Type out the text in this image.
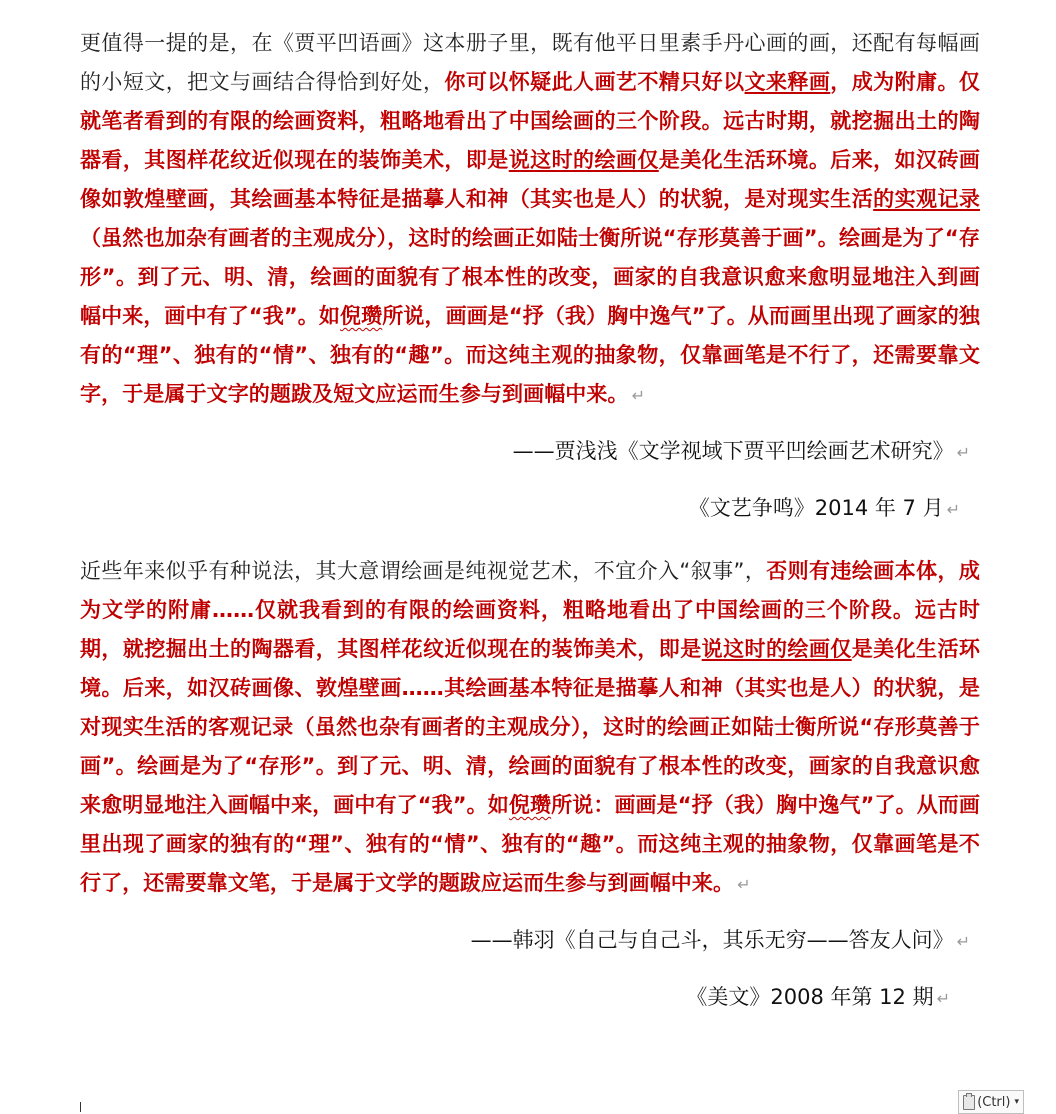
更值得一提的是，在《贾平凹语画》这本册子里，既有他平日里素手丹心画的画，还配有每幅画的小短文，把文与画结合得恰到好处，你可以怀疑此人画艺不精只好以文来释画，成为附庸。仅就笔者看到的有限的绘画资料，粗略地看出了中国绘画的三个阶段。远古时期，就挖掘出土的陶器看，其图样花纹近似现在的装饰美术，即是说这时的绘画仅是美化生活环境。后来，如汉砖画像如敦煌壁画，其绘画基本特征是描摹人和神（其实也是人）的状貌，是对现实生活的实观记录（虽然也加杂有画者的主观成分），这时的绘画正如陆士衡所说“存形莫善于画”。绘画是为了“存形”。到了元、明、清，绘画的面貌有了根本性的改变，画家的自我意识愈来愈明显地注入到画幅中来，画中有了“我”。如倪瓒所说，画画是“抒（我）胸中逸气”了。从而画里出现了画家的独有的“理”、独有的“情”、独有的“趣”。而这纯主观的抽象物，仅靠画笔是不行了，还需要靠文字，于是属于文字的题跋及短文应运而生参与到画幅中来。 ↵

——贾浅浅《文学视域下贾平凹绘画艺术研究》 ↵

《文艺争鸣》2014 年 7 月 ↵

近些年来似乎有种说法，其大意谓绘画是纯视觉艺术，不宜介入“叙事”，否则有违绘画本体，成为文学的附庸……仅就我看到的有限的绘画资料，粗略地看出了中国绘画的三个阶段。远古时期，就挖掘出土的陶器看，其图样花纹近似现在的装饰美术，即是说这时的绘画仅是美化生活环境。后来，如汉砖画像、敦煌壁画……其绘画基本特征是描摹人和神（其实也是人）的状貌，是对现实生活的客观记录（虽然也杂有画者的主观成分），这时的绘画正如陆士衡所说“存形莫善于画”。绘画是为了“存形”。到了元、明、清，绘画的面貌有了根本性的改变，画家的自我意识愈来愈明显地注入画幅中来，画中有了“我”。如倪瓒所说：画画是“抒（我）胸中逸气”了。从而画里出现了画家的独有的“理”、独有的“情”、独有的“趣”。而这纯主观的抽象物，仅靠画笔是不行了，还需要靠文笔，于是属于文学的题跋应运而生参与到画幅中来。 ↵

——韩羽《自己与自己斗，其乐无穷——答友人问》 ↵

《美文》2008 年第 12 期 ↵

(Ctrl) ▾
